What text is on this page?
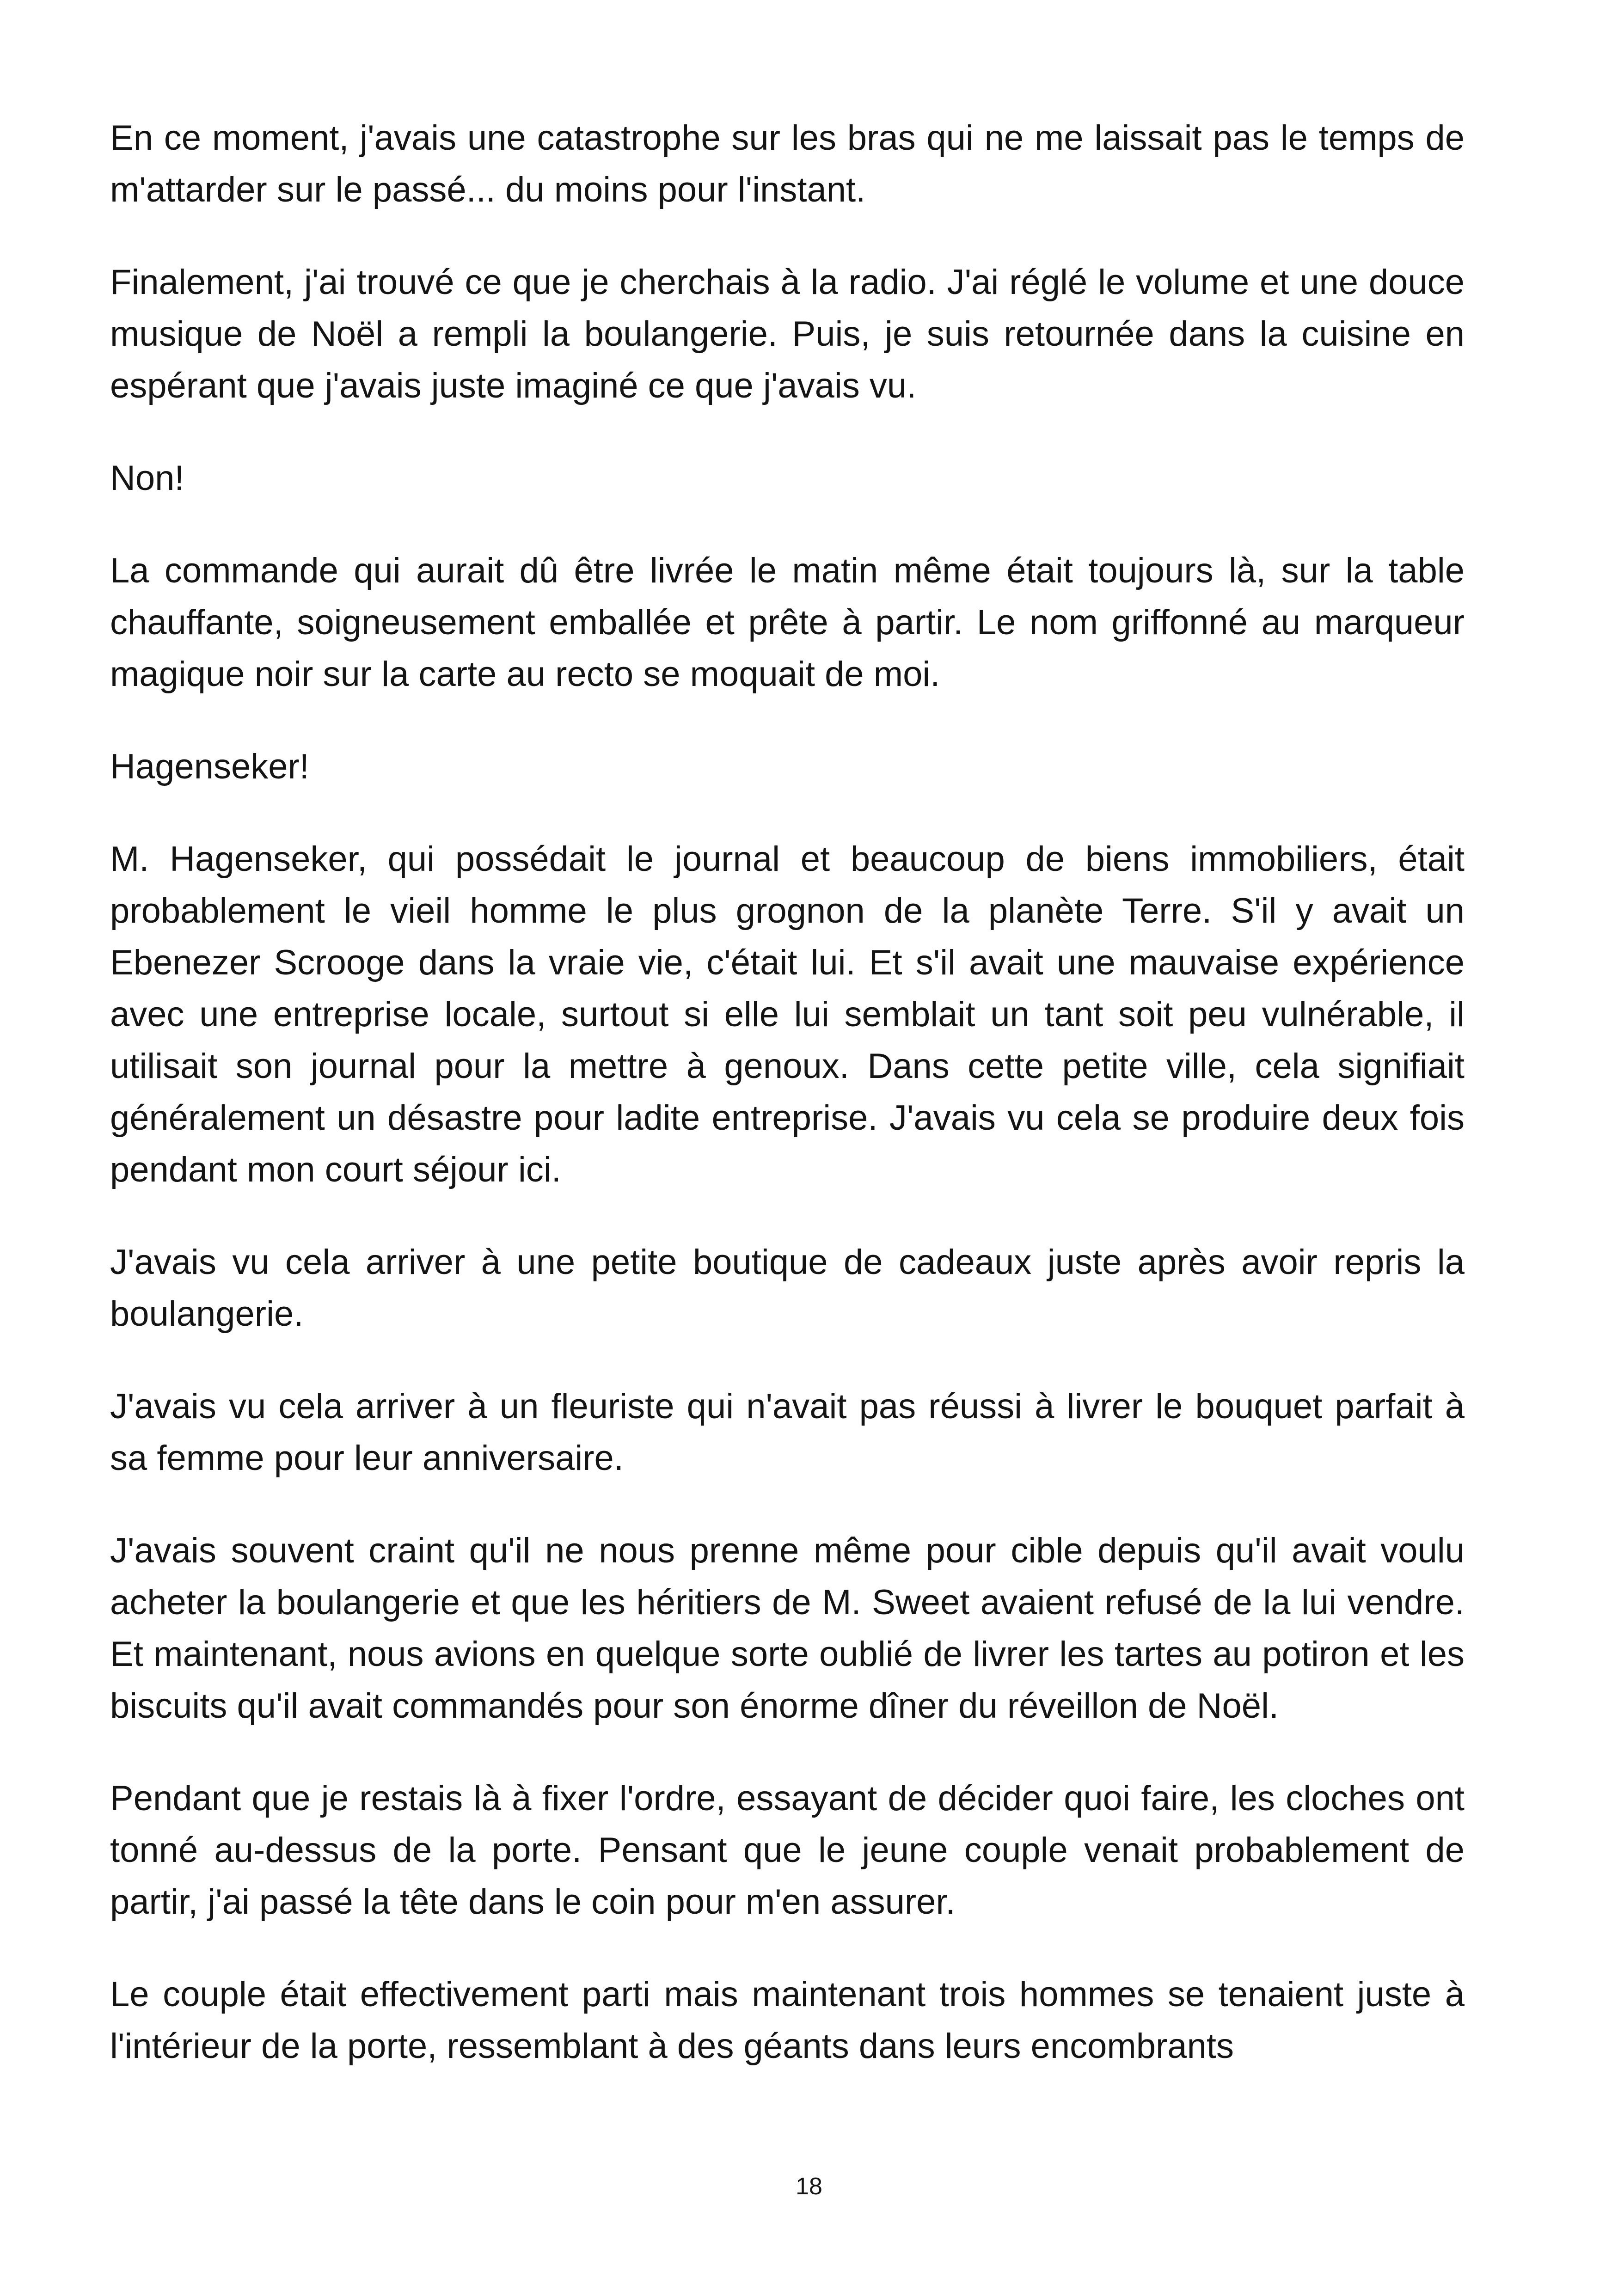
En ce moment, j'avais une catastrophe sur les bras qui ne me laissait pas le temps de m'attarder sur le passé... du moins pour l'instant.

Finalement, j'ai trouvé ce que je cherchais à la radio. J'ai réglé le volume et une douce musique de Noël a rempli la boulangerie. Puis, je suis retournée dans la cuisine en espérant que j'avais juste imaginé ce que j'avais vu.

Non!

La commande qui aurait dû être livrée le matin même était toujours là, sur la table chauffante, soigneusement emballée et prête à partir. Le nom griffonné au marqueur magique noir sur la carte au recto se moquait de moi.

Hagenseker!

M. Hagenseker, qui possédait le journal et beaucoup de biens immobiliers, était probablement le vieil homme le plus grognon de la planète Terre. S'il y avait un Ebenezer Scrooge dans la vraie vie, c'était lui. Et s'il avait une mauvaise expérience avec une entreprise locale, surtout si elle lui semblait un tant soit peu vulnérable, il utilisait son journal pour la mettre à genoux. Dans cette petite ville, cela signifiait généralement un désastre pour ladite entreprise. J'avais vu cela se produire deux fois pendant mon court séjour ici.

J'avais vu cela arriver à une petite boutique de cadeaux juste après avoir repris la boulangerie.

J'avais vu cela arriver à un fleuriste qui n'avait pas réussi à livrer le bouquet parfait à sa femme pour leur anniversaire.

J'avais souvent craint qu'il ne nous prenne même pour cible depuis qu'il avait voulu acheter la boulangerie et que les héritiers de M. Sweet avaient refusé de la lui vendre. Et maintenant, nous avions en quelque sorte oublié de livrer les tartes au potiron et les biscuits qu'il avait commandés pour son énorme dîner du réveillon de Noël.

Pendant que je restais là à fixer l'ordre, essayant de décider quoi faire, les cloches ont tonné au-dessus de la porte. Pensant que le jeune couple venait probablement de partir, j'ai passé la tête dans le coin pour m'en assurer.

Le couple était effectivement parti mais maintenant trois hommes se tenaient juste à l'intérieur de la porte, ressemblant à des géants dans leurs encombrants

18
